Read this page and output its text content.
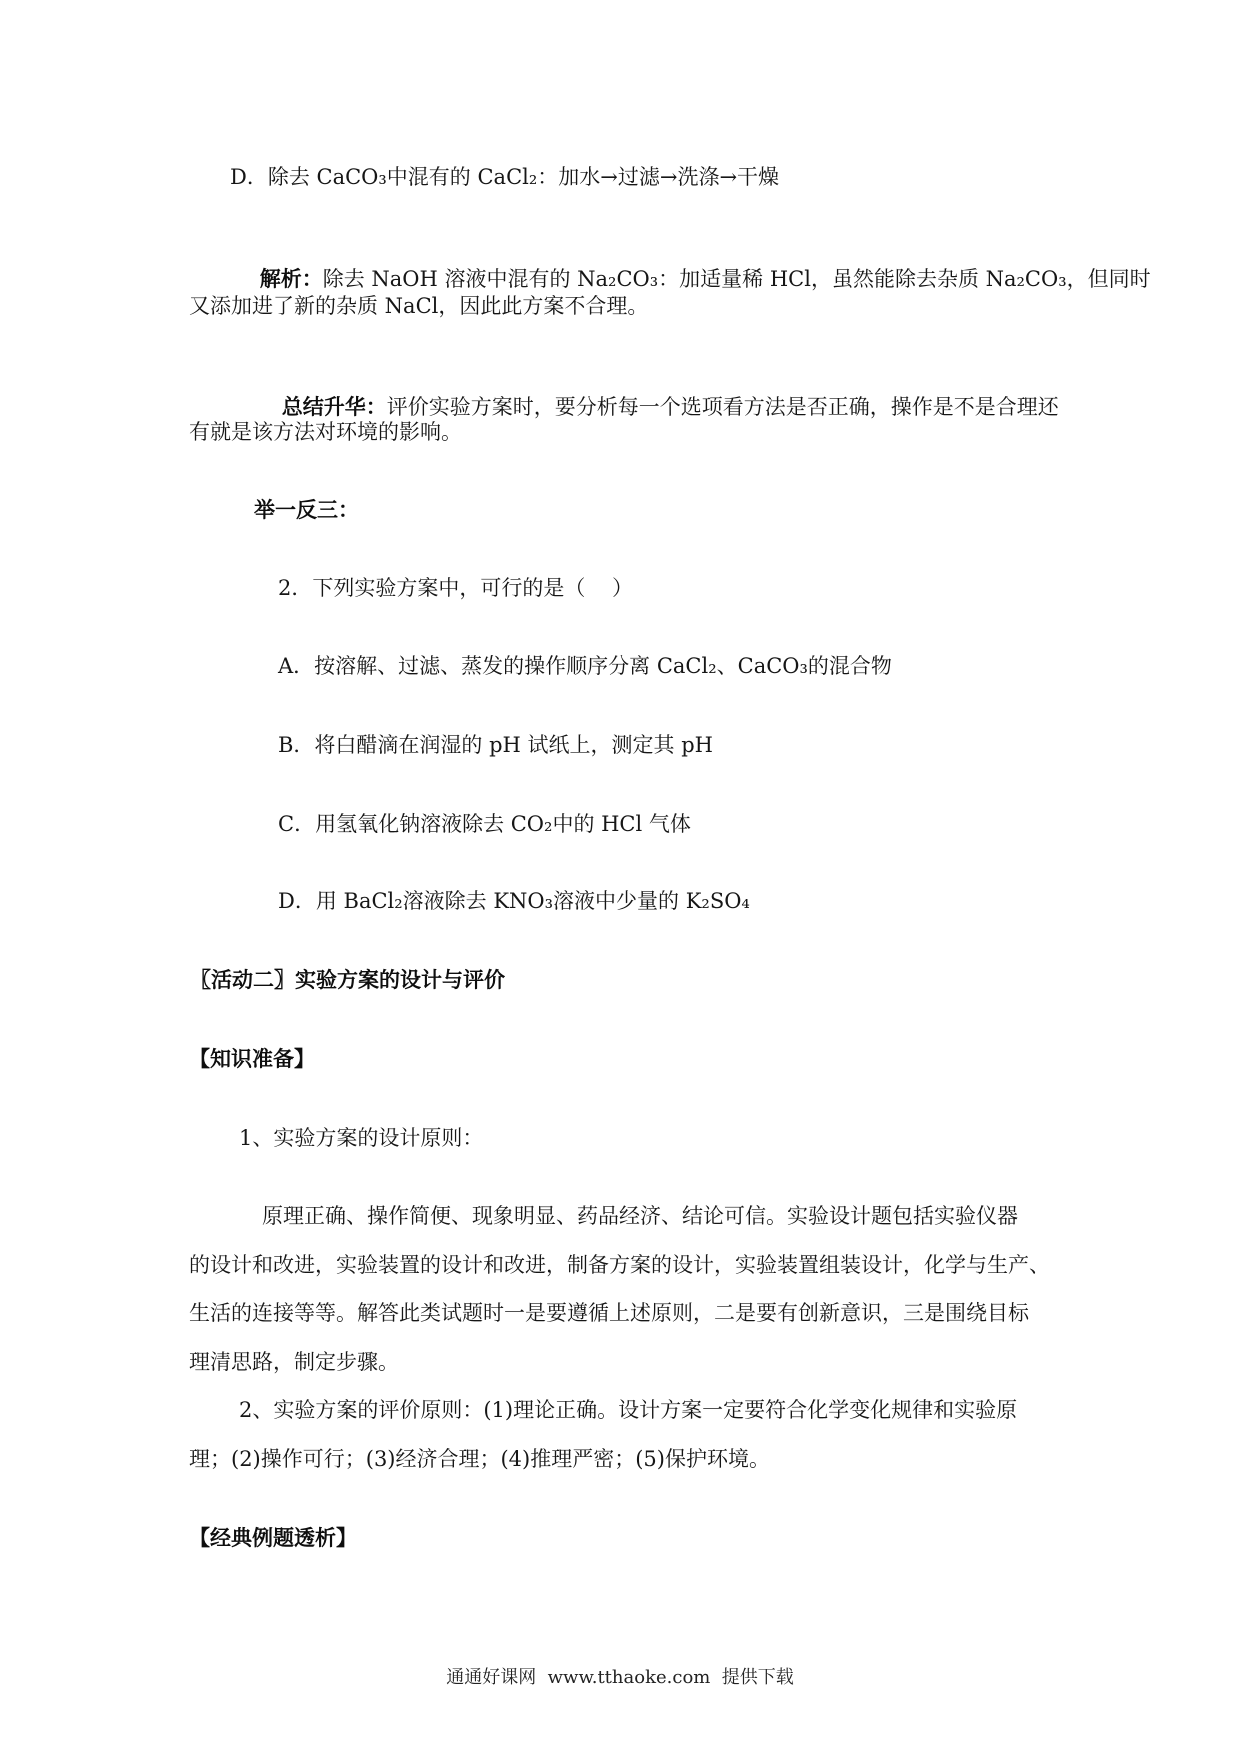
D．除去 CaCO₃中混有的 CaCl₂：加水→过滤→洗涤→干燥

解析：除去 NaOH 溶液中混有的 Na₂CO₃：加适量稀 HCl，虽然能除去杂质 Na₂CO₃，但同时

又添加进了新的杂质 NaCl，因此此方案不合理。

总结升华：评价实验方案时，要分析每一个选项看方法是否正确，操作是不是合理还

有就是该方法对环境的影响。
举一反三：
2．下列实验方案中，可行的是（    ）
A．按溶解、过滤、蒸发的操作顺序分离 CaCl₂、CaCO₃的混合物
B．将白醋滴在润湿的 pH 试纸上，测定其 pH
C．用氢氧化钠溶液除去 CO₂中的 HCl 气体
D．用 BaCl₂溶液除去 KNO₃溶液中少量的 K₂SO₄
〖活动二〗实验方案的设计与评价
【知识准备】
1、实验方案的设计原则：
原理正确、操作简便、现象明显、药品经济、结论可信。实验设计题包括实验仪器
的设计和改进，实验装置的设计和改进，制备方案的设计，实验装置组装设计，化学与生产、
生活的连接等等。解答此类试题时一是要遵循上述原则，二是要有创新意识，三是围绕目标
理清思路，制定步骤。
2、实验方案的评价原则：(1)理论正确。设计方案一定要符合化学变化规律和实验原
理；(2)操作可行；(3)经济合理；(4)推理严密；(5)保护环境。
【经典例题透析】
通通好课网  www.tthaoke.com  提供下载
